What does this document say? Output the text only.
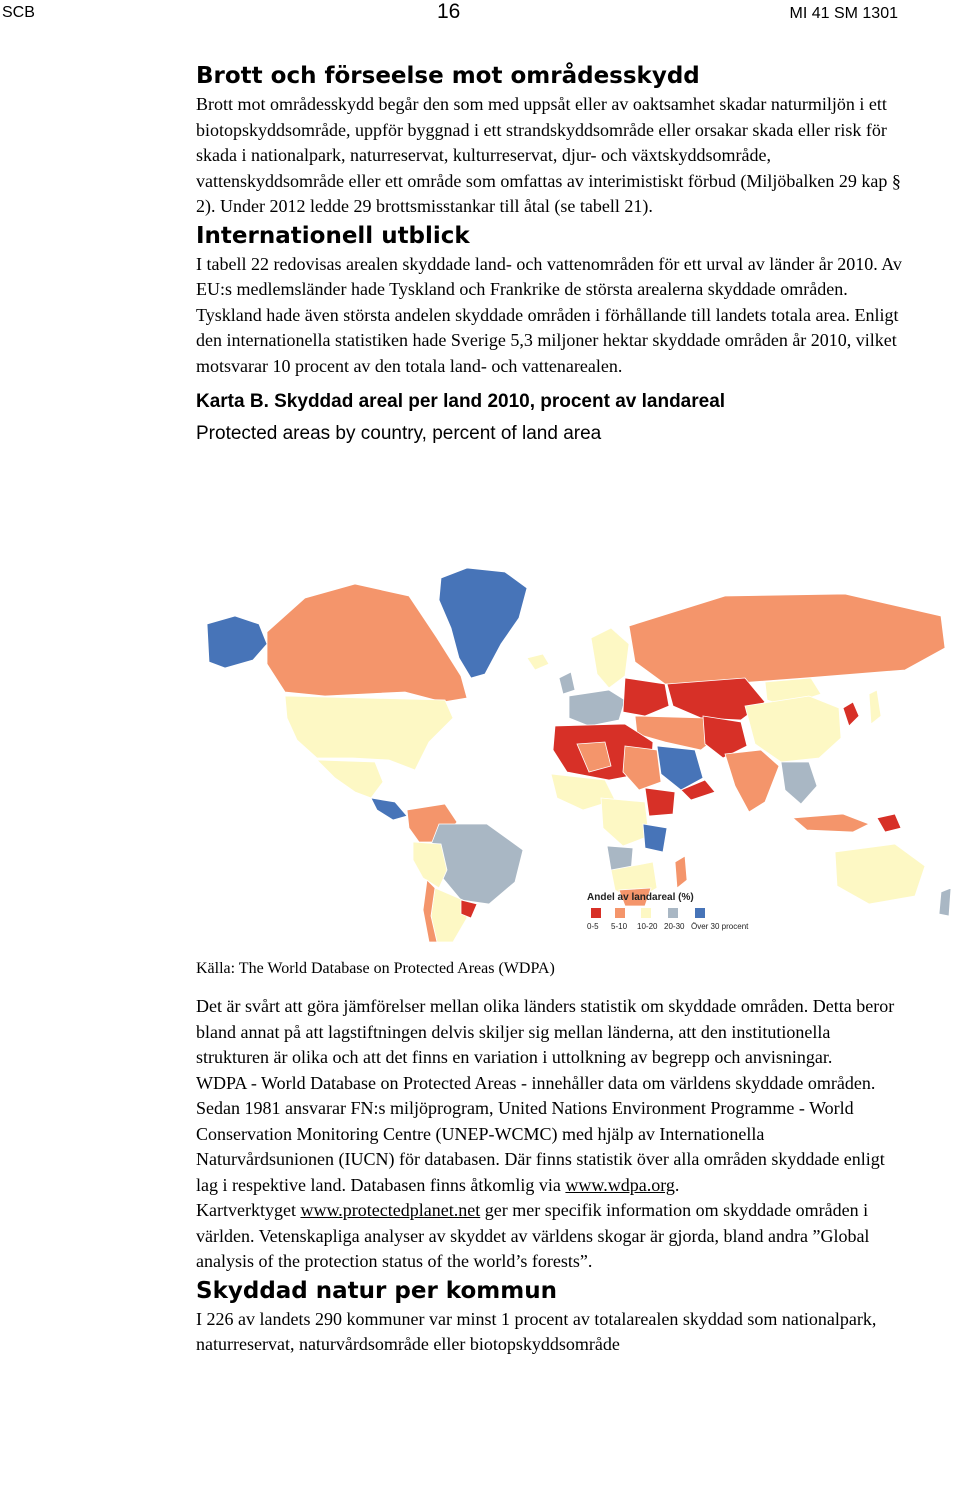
SCB	16	MI 41 SM 1301
Brott och förseelse mot områdesskydd

Brott mot områdesskydd begår den som med uppsåt eller av oaktsamhet skadar naturmiljön i ett biotopskyddsområde, uppför byggnad i ett strandskyddsområde eller orsakar skada eller risk för skada i nationalpark, naturreservat, kulturreservat, djur- och växtskyddsområde, vattenskyddsområde eller ett område som omfattas av interimistiskt förbud (Miljöbalken 29 kap § 2). Under 2012 ledde 29 brottsmisstankar till åtal (se tabell 21).

Internationell utblick

I tabell 22 redovisas arealen skyddade land- och vattenområden för ett urval av länder år 2010. Av EU:s medlemsländer hade Tyskland och Frankrike de största arealerna skyddade områden. Tyskland hade även största andelen skyddade områden i förhållande till landets totala area. Enligt den internationella statistiken hade Sverige 5,3 miljoner hektar skyddade områden år 2010, vilket motsvarar 10 procent av den totala land- och vattenarealen.

Karta B. Skyddad areal per land 2010, procent av landareal
Protected areas by country, percent of land area
Andel av landareal (%)
0-5 5-10 10-20 20-30 Över 30 procent
Källa: The World Database on Protected Areas (WDPA)

Det är svårt att göra jämförelser mellan olika länders statistik om skyddade områden. Detta beror bland annat på att lagstiftningen delvis skiljer sig mellan länderna, att den institutionella strukturen är olika och att det finns en variation i uttolkning av begrepp och anvisningar.

WDPA - World Database on Protected Areas - innehåller data om världens skyddade områden. Sedan 1981 ansvarar FN:s miljöprogram, United Nations Environment Programme - World Conservation Monitoring Centre (UNEP-WCMC) med hjälp av Internationella Naturvårdsunionen (IUCN) för databasen. Där finns statistik över alla områden skyddade enligt lag i respektive land. Databasen finns åtkomlig via www.wdpa.org.

Kartverktyget www.protectedplanet.net ger mer specifik information om skyddade områden i världen. Vetenskapliga analyser av skyddet av världens skogar är gjorda, bland andra ”Global analysis of the protection status of the world’s forests”.

Skyddad natur per kommun

I 226 av landets 290 kommuner var minst 1 procent av totalarealen skyddad som nationalpark, naturreservat, naturvårdsområde eller biotopskyddsområde
